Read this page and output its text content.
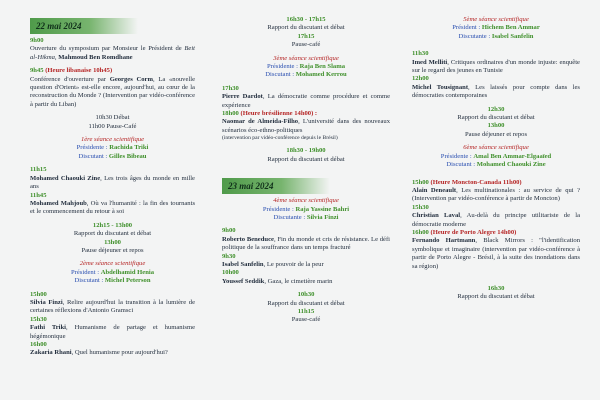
22 mai 2024

9h00

Ouverture du symposium par Monsieur le Président de Beit al-Hikma, Mahmoud Ben Romdhane

9h45 (Heure libanaise 10h45)

Conférence d'ouverture par Georges Corm, La «nouvelle question d'Orient» est-elle encore, aujourd'hui, au cœur de la reconstruction du Monde ? (Intervention par vidéo-conférence à partir du Liban)

10h30 Débat

11h00 Pause-Café

1ère séance scientifique

Présidente : Rachida Triki

Discutant : Gilles Bibeau

11h15

Mohamed Chaouki Zine, Les trois âges du monde en mille ans

11h45

Mohamed Mahjoub, Où va l'humanité : la fin des tournants et le commencement du retour à soi

12h15 - 13h00

Rapport du discutant et débat

13h00

Pause déjeuner et repos

2ème séance scientifique

Président : Abdelhamid Henia

Discutant : Michel Peterson

15h00

Silvia Finzi, Relire aujourd'hui la transition à la lumière de certaines réflexions d'Antonio Gramsci

15h30

Fathi Triki, Humanisme de partage et humanisme hégémonique

16h00

Zakaria Rhani, Quel humanisme pour aujourd'hui?

16h30 - 17h15

Rapport du discutant et débat

17h15

Pause-café

3ème séance scientifique

Présidente : Raja Ben Slama

Discutant : Mohamed Kerrou

17h30

Pierre Dardot, La démocratie comme procédure et comme expérience

18h00 (Heure brésilienne 14h00) :

Naomar de Almeida-Filho, L'université dans des nouveaux scénarios éco-ethno-politiques

(intervention par vidéo-conférence depuis le Brésil)

18h30 - 19h00

Rapport du discutant et débat

23 mai 2024

4ème séance scientifique

Présidente : Raja Yassine Bahri

Discutante : Silvia Finzi

9h00

Roberto Beneduce, Fin du monde et cris de résistance. Le défi politique de la souffrance dans un temps fracturé

9h30

Isabel Sanfelin, Le pouvoir de la peur

10h00

Youssef Seddik, Gaza, le cimetière marin

10h30

Rapport du discutant et débat

11h15

Pause-café

5ème séance scientifique

Président : Hichem Ben Ammar

Discutante : Isabel Sanfelin

11h30

Imed Melliti, Critiques ordinaires d'un monde injuste: enquête sur le regard des jeunes en Tunisie

12h00

Michel Tousignant, Les laissés pour compte dans les démocraties contemporaines

12h30

Rapport du discutant et débat

13h00

Pause déjeuner et repos

6ème séance scientifique

Présidente : Amal Ben Ammar-Elgaaïed

Discutant : Mohamed Chaouki Zine

15h00 (Heure Moncton-Canada 11h00)

Alain Deneault, Les multinationales : au service de qui ? (Intervention par vidéo-conférence à partir de Moncton)

15h30

Christian Laval, Au-delà du principe utilitariste de la démocratie moderne

16h00 (Heure de Porto Alegre 14h00)

Fernando Hartmann, Black Mirrors : "l'identification symbolique et imaginaire (intervention par vidéo-conférence à partir de Porto Alegre - Brésil, à la suite des inondations dans sa région)

16h30

Rapport du discutant et débat
